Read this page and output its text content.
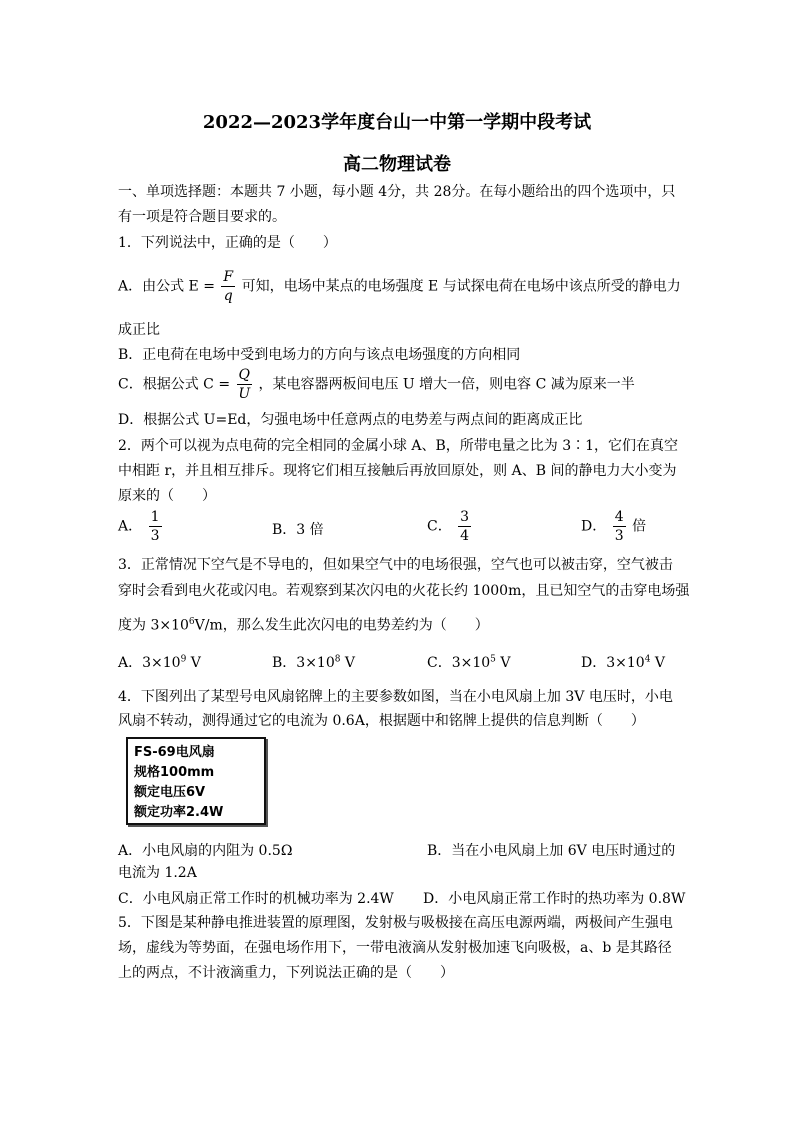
2022—2023学年度台山一中第一学期中段考试
高二物理试卷
一、单项选择题：本题共 7 小题，每小题 4分，共 28分。在每小题给出的四个选项中，只
有一项是符合题目要求的。
1．下列说法中，正确的是（　　）
A．由公式 $E = \frac{F}{q}$ 可知，电场中某点的电场强度 E 与试探电荷在电场中该点所受的静电力
成正比
B．正电荷在电场中受到电场力的方向与该点电场强度的方向相同
C．根据公式 $C = \frac{Q}{U}$ ，某电容器两板间电压 U 增大一倍，则电容 C 减为原来一半
D．根据公式 U=Ed，匀强电场中任意两点的电势差与两点间的距离成正比
2．两个可以视为点电荷的完全相同的金属小球 A、B，所带电量之比为 3∶1，它们在真空
中相距 r，并且相互排斥。现将它们相互接触后再放回原处，则 A、B 间的静电力大小变为
原来的（　　）
A． $\frac{1}{3}$	B．3 倍	C． $\frac{3}{4}$	D． $\frac{4}{3}$ 倍
3．正常情况下空气是不导电的，但如果空气中的电场很强，空气也可以被击穿，空气被击
穿时会看到电火花或闪电。若观察到某次闪电的火花长约 1000m，且已知空气的击穿电场强
度为 $3\times 10^6V/m$，那么发生此次闪电的电势差约为（　　）
A．$3\times 10^9$ V	B．$3\times 10^8$ V	C．$3\times 10^5$ V	D．$3\times 10^4$ V
4．下图列出了某型号电风扇铭牌上的主要参数如图，当在小电风扇上加 3V 电压时，小电
风扇不转动，测得通过它的电流为 0.6A，根据题中和铭牌上提供的信息判断（　　）
FS-69电风扇
规格100mm
额定电压6V
额定功率2.4W
A．小电风扇的内阻为 0.5Ω	B．当在小电风扇上加 6V 电压时通过的
电流为 1.2A
C．小电风扇正常工作时的机械功率为 2.4W D．小电风扇正常工作时的热功率为 0.8W
5．下图是某种静电推进装置的原理图，发射极与吸极接在高压电源两端，两极间产生强电
场，虚线为等势面，在强电场作用下，一带电液滴从发射极加速飞向吸极，a、b 是其路径
上的两点，不计液滴重力，下列说法正确的是（　　）
